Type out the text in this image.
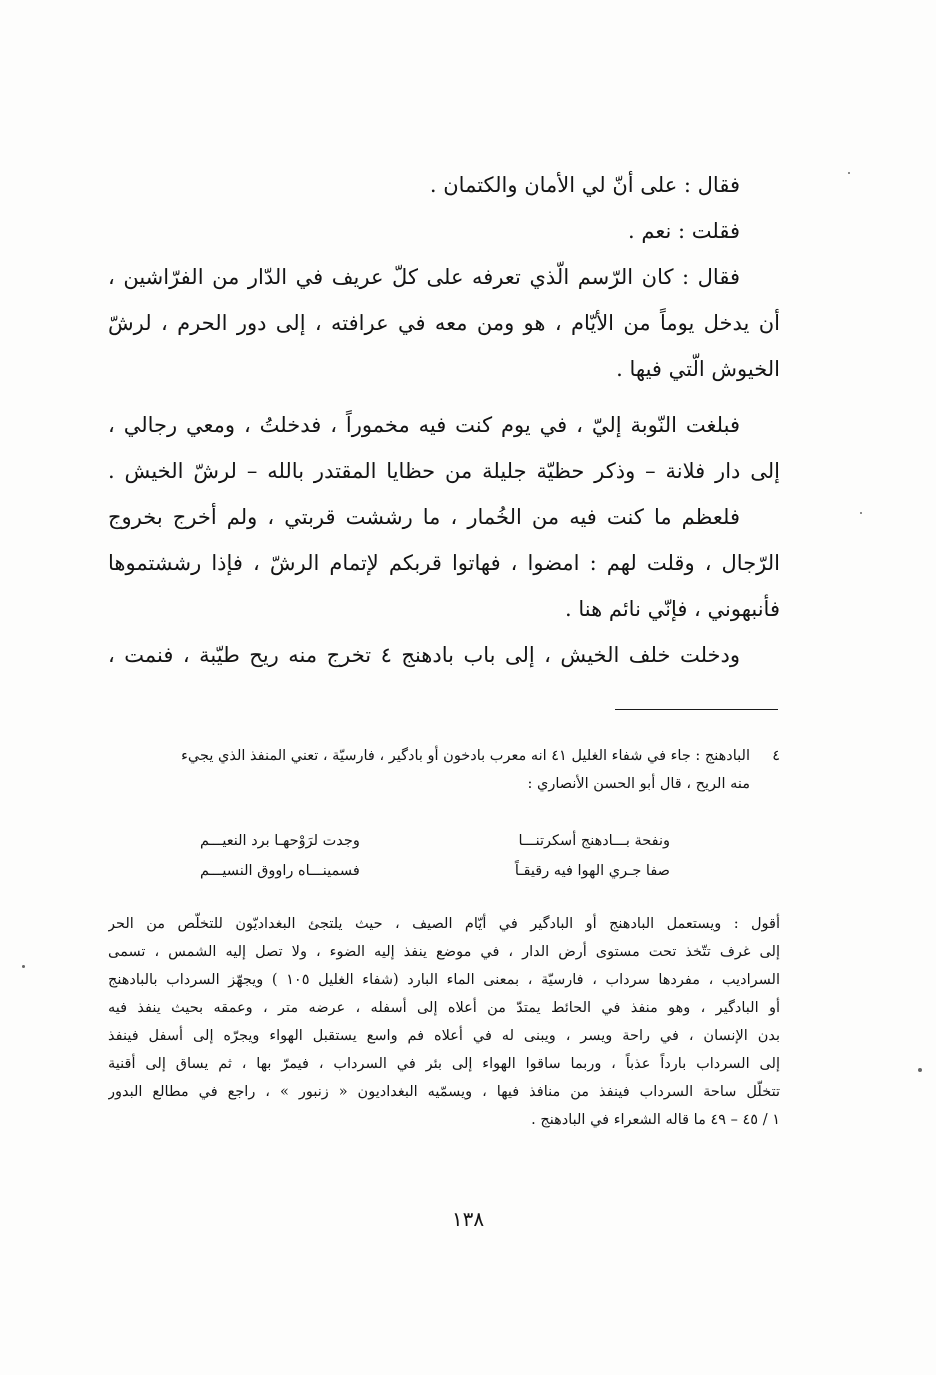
فقال : على أنّ لي الأمان والكتمان .
فقلت : نعم .
فقال : كان الرّسم الّذي تعرفه على كلّ عريف في الدّار من الفرّاشين ،
أن يدخل يوماً من الأيّام ، هو ومن معه في عرافته ، إلى دور الحرم ، لرشّ
الخيوش الّتي فيها .
فبلغت النّوبة إليّ ، في يوم كنت فيه مخموراً ، فدخلتُ ، ومعي رجالي ،
إلى دار فلانة – وذكر حظيّة جليلة من حظايا المقتدر بالله – لرشّ الخيش .
فلعظم ما كنت فيه من الخُمار ، ما رششت قربتي ، ولم أخرج بخروج
الرّجال ، وقلت لهم : امضوا ، فهاتوا قربكم لإتمام الرشّ ، فإذا رششتموها
فأنبهوني ، فإنّي نائم هنا .
ودخلت خلف الخيش ، إلى باب بادهنج ٤ تخرج منه ريح طيّبة ، فنمت ،
٤البادهنج : جاء في شفاء الغليل ٤١ انه معرب بادخون أو بادگير ، فارسيّة ، تعني المنفذ الذي يجيء
منه الريح ، قال أبو الحسن الأنصاري :
ونفحة بـــادهنج أسكرتنـــا
وجدت لرَوْحهـا برد النعيـــم
صفا جـري الهوا فيه رقيقـاً
فسمينـــاه راووق النسيـــم
أقول : ويستعمل البادهنج أو البادگير في أيّام الصيف ، حيث يلتجئ البغداديّون للتخلّص من الحر
إلى غرف تتّخذ تحت مستوى أرض الدار ، في موضع ينفذ إليه الضوء ، ولا تصل إليه الشمس ، تسمى
السراديب ، مفردها سرداب ، فارسيّة ، بمعنى الماء البارد (شفاء الغليل ١٠٥ ) ويجهّز السرداب بالبادهنج
أو البادگير ، وهو منفذ في الحائط يمتدّ من أعلاه إلى أسفله ، عرضه متر ، وعمقه بحيث ينفذ فيه
بدن الإنسان ، في راحة ويسر ، ويبنى له في أعلاه فم واسع يستقبل الهواء ويجرّه إلى أسفل فينفذ
إلى السرداب بارداً عذباً ، وربما ساقوا الهواء إلى بئر في السرداب ، فيمرّ بها ، ثم يساق إلى أقنية
تتخلّل ساحة السرداب فينفذ من منافذ فيها ، ويسمّيه البغداديون « زنبور » ، راجع في مطالع البدور
١ / ٤٥ – ٤٩ ما قاله الشعراء في البادهنج .
١٣٨
